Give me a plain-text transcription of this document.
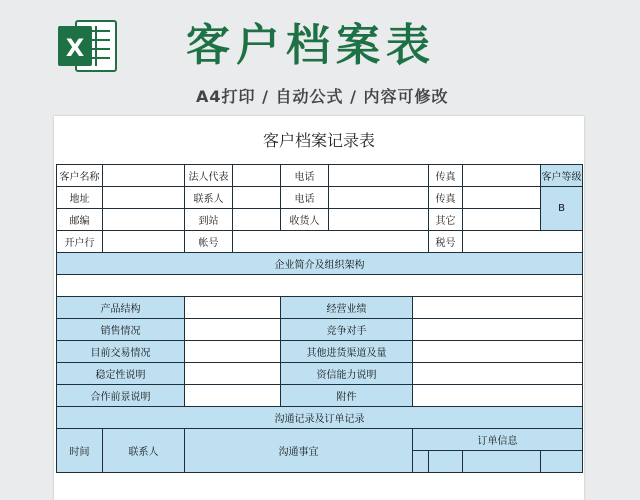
X 客户档案表
A4打印 / 自动公式 / 内容可修改
客户档案记录表
客户名称		法人代表		电话			传真		客户等级
地址		联系人		电话			传真		B
邮编		到站		收货人			其它		
开户行		帐号					税号		
企业简介及组织架构									

产品结构				经营业绩					
销售情况				竞争对手					
目前交易情况				其他进货渠道及量					
稳定性说明				资信能力说明					
合作前景说明				附件					
沟通记录及订单记录									
时间	联系人	沟通事宜				订单信息			
